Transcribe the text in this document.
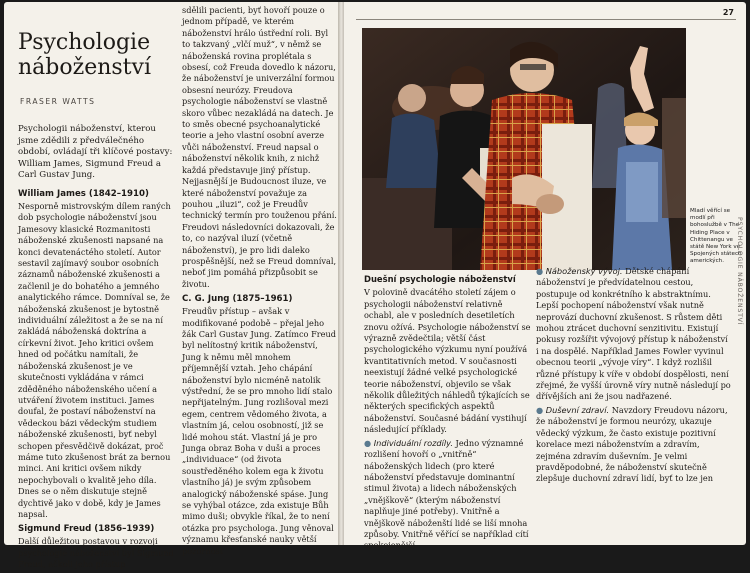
Psychologie
náboženství
FRASER WATTS
Psychologii náboženství, kterou jsme zdědili z předválečného období, ovládají tři klíčové postavy: William James, Sigmund Freud a Carl Gustav Jung.
William James (1842–1910)

Nesporně mistrovským dílem raných dob psychologie náboženství jsou Jamesovy klasické Rozmanitosti náboženské zkušenosti napsané na konci devatenáctého století. Autor sestavil zajímavý soubor osobních záznamů náboženské zkušenosti a začlenil je do bohatého a jemného analytického rámce. Domníval se, že náboženská zkušenost je bytostně individuální záležitost a že se na ní zakládá náboženská doktrína a církevní život. Jeho kritici ovšem hned od počátku namítali, že náboženská zkušenost je ve skutečnosti vykládána v rámci zděděného náboženského učení a utváření životem instituci. James doufal, že postaví náboženství na vědeckou bázi vědeckým studiem náboženské zkušenosti, byť nebyl schopen přesvědčivě dokázat, proč máme tuto zkušenost brát za bernou minci. Ani kritici ovšem nikdy nepochybovali o kvalitě jeho díla. Dnes se o něm diskutuje stejně dychtivě jako v době, kdy je James napsal.

Sigmund Freud (1856–1939)

Další důležitou postavou v rozvoji psychologie náboženství byl Sigmund Freud, ačkoli jeho přístup

sdělili pacienti, byť hovoří pouze o jednom případě, ve kterém náboženství hrálo ústřední roli. Byl to takzvaný „vlčí muž“, v němž se náboženská rovina proplétala s obsesí, což Freuda dovedlo k názoru, že náboženství je univerzální formou obsesní neurózy. Freudova psychologie náboženství se vlastně skoro vůbec nezakládá na datech. Je to směs obecné psychoanalytické teorie a jeho vlastní osobní averze vůči náboženství. Freud napsal o náboženství několik knih, z nichž každá představuje jiný přístup. Nejjasnější je Budoucnost iluze, ve které náboženství považuje za pouhou „iluzi“, což je Freudův technický termín pro touženou přání. Freudovi následovníci dokazovali, že to, co nazýval iluzí (včetně náboženství), je pro lidi daleko prospěšnější, než se Freud domníval, neboť jim pomáhá přizpůsobit se životu.

C. G. Jung (1875–1961)

Freudův přístup – avšak v modifikované podobě – přejal jeho žák Carl Gustav Jung. Zatímco Freud byl nelítostný kritik náboženství, Jung k němu měl mnohem příjemnější vztah. Jeho chápání náboženství bylo nicméně natolik výstřední, že se pro mnoho lidí stalo nepřijatelným. Jung rozlišoval mezi egem, centrem vědomého života, a vlastním já, celou osobností, již se lidé mohou stát. Vlastní já je pro Junga obraz Boha v duši a proces „individuace“ (od života soustředěného kolem ega k životu vlastního já) je svým způsobem analogický náboženské spáse. Jung se vyhýbal otázce, zda existuje Bůh mimo duši; obvykle říkal, že to není otázka pro psychologa. Jung věnoval významu křesťanské nauky větší pozornost

27
Mladí věřící se modlí při bohoslužbě v The Hiding Place v Chittenangu ve státě New York ve Spojených státech amerických.	PSYCHOLOGIE NÁBOŽENSTVÍ
Duešní psychologie náboženství

V polovině dvacátého století zájem o psychologii náboženství relativně ochabl, ale v posledních desetiletích znovu ožívá. Psychologie náboženství se výrazně zvědečtila; větší část psychologického výzkumu nyní používá kvantitativních metod. V současnosti neexistují žádné velké psychologické teorie náboženství, objevilo se však několik důležitých náhledů týkajících se některých specifických aspektů náboženství. Současné bádání vystihují následující příklady.

● Individuální rozdíly. Jedno významné rozlišení hovoří o „vnitřně“ náboženských lidech (pro které náboženství představuje dominantní stimul života) a lidech náboženských „vnějškově“ (kterým náboženství naplňuje jiné potřeby). Vnitřně a vnějškově náboženští lidé se liší mnoha způsoby. Vnitřně věřící se například cítí spokojenější

● Náboženský vývoj. Dětské chápání náboženství je předvídatelnou cestou, postupuje od konkrétního k abstraktnímu. Lepší pochopení náboženství však nutně neprovází duchovní zkušenost. S růstem děti mohou ztrácet duchovní senzitivitu. Existují pokusy rozšířit vývojový přístup k náboženství i na dospělé. Například James Fowler vyvinul obecnou teorii „vývoje víry“. I když rozlišil různé přístupy k víře v období dospělosti, není zřejmé, že vyšší úrovně víry nutně následují po dřívějších ani že jsou nadřazené.

● Duševní zdraví. Navzdory Freudovu názoru, že náboženství je formou neurózy, ukazuje vědecký výzkum, že často existuje pozitivní korelace mezi náboženstvím a zdravím, zejména zdravím duševním. Je velmi pravděpodobné, že náboženství skutečně zlepšuje duchovní zdraví lidí, byť to lze jen
